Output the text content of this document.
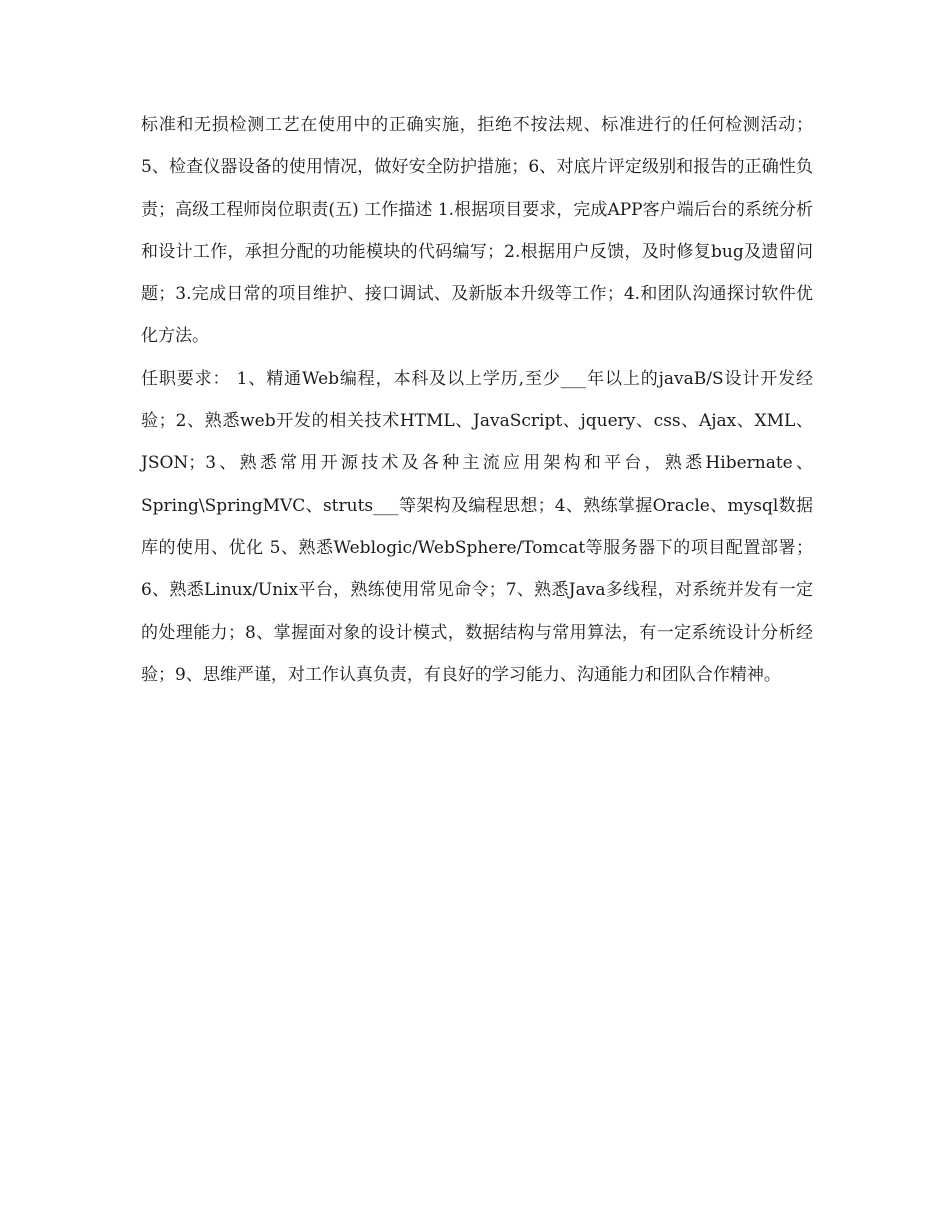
标准和无损检测工艺在使用中的正确实施，拒绝不按法规、标准进行的任何检测活动；5、检查仪器设备的使用情况，做好安全防护措施；6、对底片评定级别和报告的正确性负责；高级工程师岗位职责(五) 工作描述 1.根据项目要求，完成APP客户端后台的系统分析和设计工作，承担分配的功能模块的代码编写；2.根据用户反馈，及时修复bug及遗留问题；3.完成日常的项目维护、接口调试、及新版本升级等工作；4.和团队沟通探讨软件优化方法。

任职要求： 1、精通Web编程，本科及以上学历,至少___年以上的javaB/S设计开发经验；2、熟悉web开发的相关技术HTML、JavaScript、jquery、css、Ajax、XML、JSON；3、熟悉常用开源技术及各种主流应用架构和平台，熟悉Hibernate、Spring\SpringMVC、struts___等架构及编程思想；4、熟练掌握Oracle、mysql数据库的使用、优化 5、熟悉Weblogic/WebSphere/Tomcat等服务器下的项目配置部署；6、熟悉Linux/Unix平台，熟练使用常见命令；7、熟悉Java多线程，对系统并发有一定的处理能力；8、掌握面对象的设计模式，数据结构与常用算法，有一定系统设计分析经验；9、思维严谨，对工作认真负责，有良好的学习能力、沟通能力和团队合作精神。
